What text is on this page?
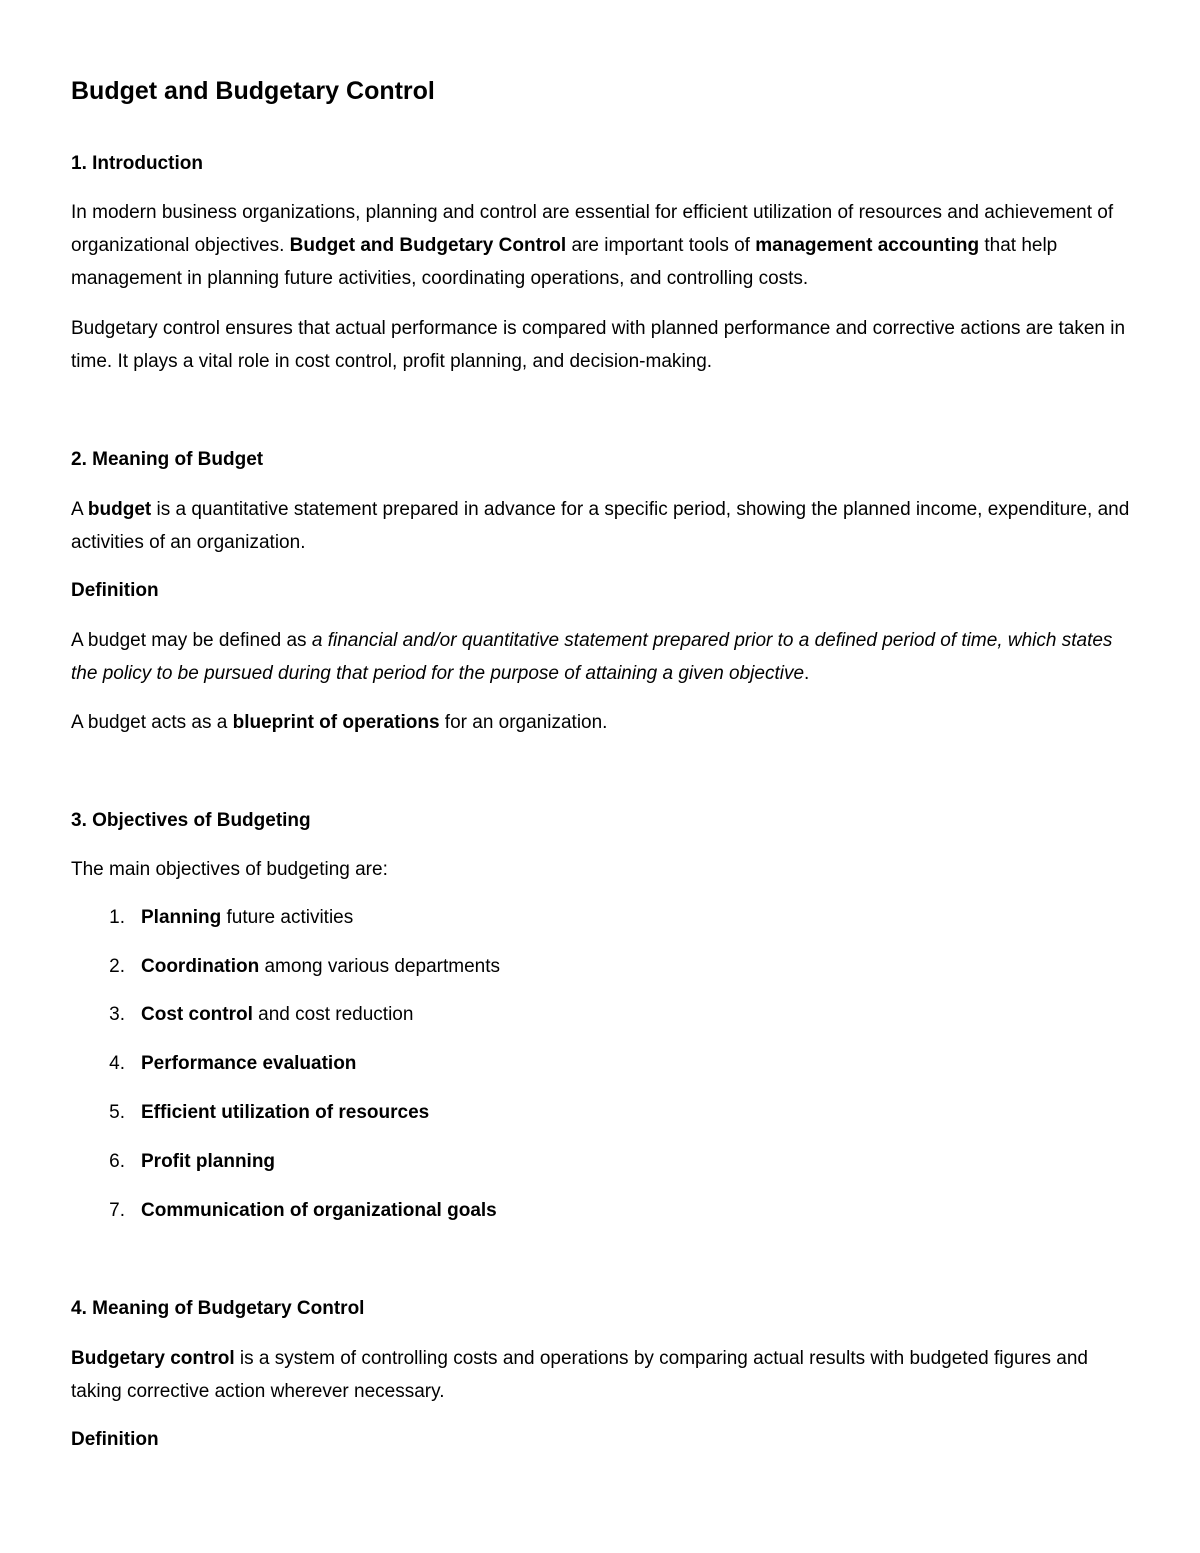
Budget and Budgetary Control
1. Introduction

In modern business organizations, planning and control are essential for efficient utilization of resources and achievement of organizational objectives. Budget and Budgetary Control are important tools of management accounting that help management in planning future activities, coordinating operations, and controlling costs.

Budgetary control ensures that actual performance is compared with planned performance and corrective actions are taken in time. It plays a vital role in cost control, profit planning, and decision-making.

2. Meaning of Budget

A budget is a quantitative statement prepared in advance for a specific period, showing the planned income, expenditure, and activities of an organization.

Definition

A budget may be defined as a financial and/or quantitative statement prepared prior to a defined period of time, which states the policy to be pursued during that period for the purpose of attaining a given objective.

A budget acts as a blueprint of operations for an organization.

3. Objectives of Budgeting

The main objectives of budgeting are:

1. Planning future activities
2. Coordination among various departments
3. Cost control and cost reduction
4. Performance evaluation
5. Efficient utilization of resources
6. Profit planning
7. Communication of organizational goals
4. Meaning of Budgetary Control

Budgetary control is a system of controlling costs and operations by comparing actual results with budgeted figures and taking corrective action wherever necessary.

Definition
